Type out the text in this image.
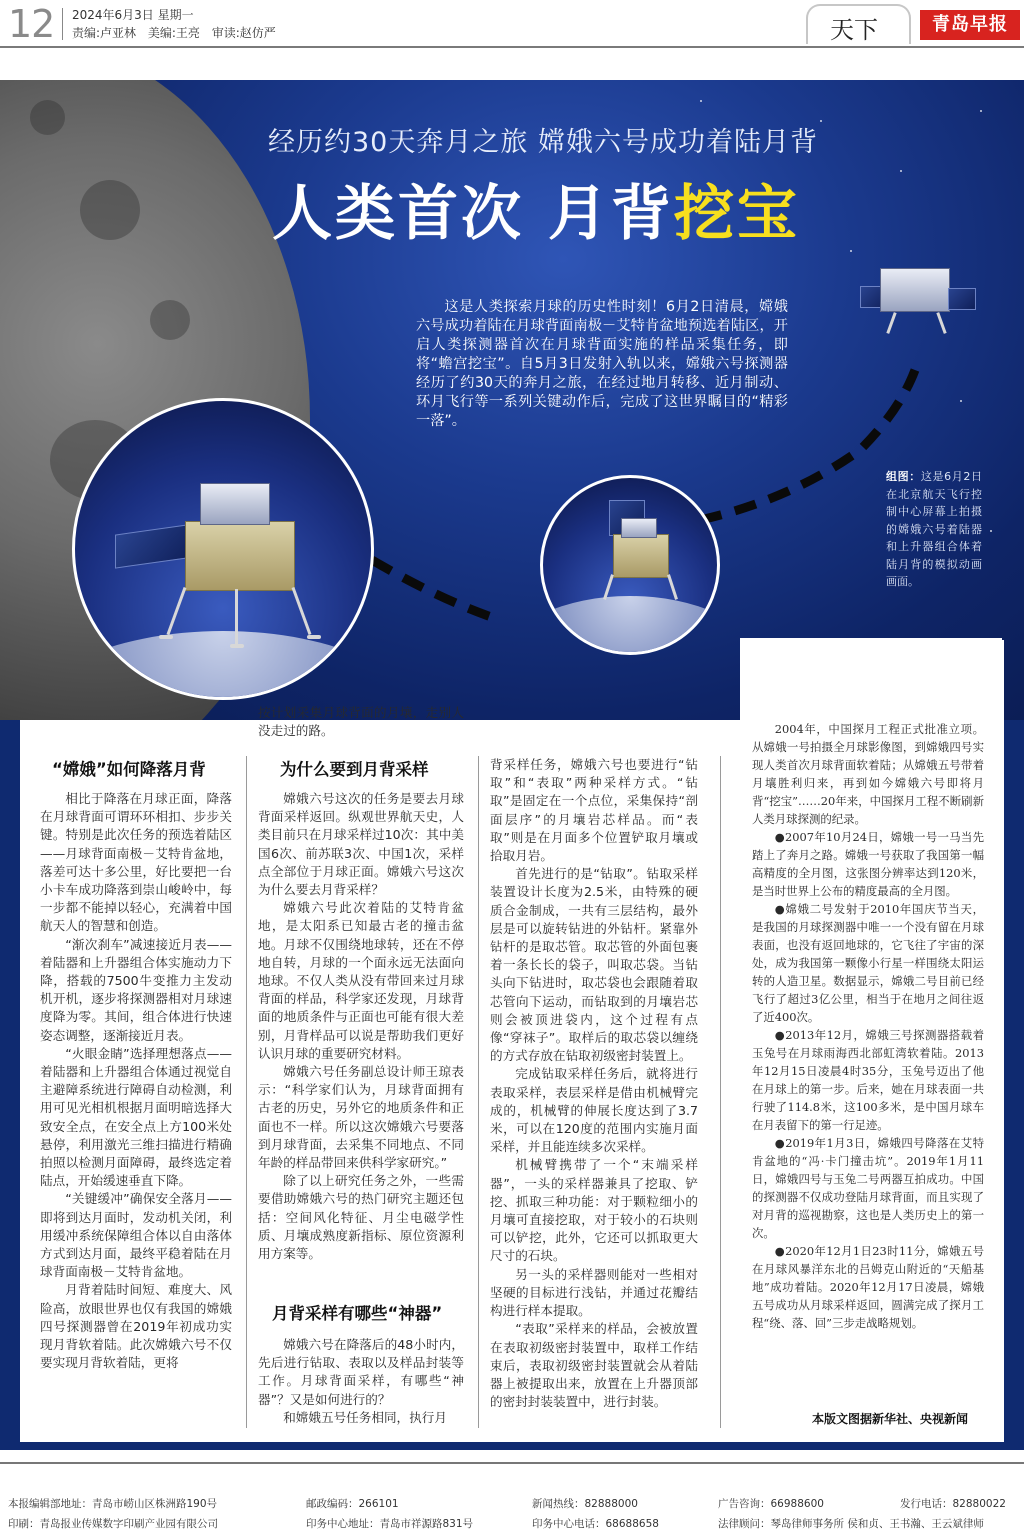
12 2024年6月3日 星期一
责编:卢亚林 美编:王亮 审读:赵仿严	天下	青岛早报
经历约30天奔月之旅 嫦娥六号成功着陆月背
人类首次 月背挖宝
这是人类探索月球的历史性时刻！6月2日清晨，嫦娥六号成功着陆在月球背面南极－艾特肯盆地预选着陆区，开启人类探测器首次在月球背面实施的样品采集任务，即将“蟾宫挖宝”。自5月3日发射入轨以来，嫦娥六号探测器经历了约30天的奔月之旅，在经过地月转移、近月制动、环月飞行等一系列关键动作后，完成了这世界瞩目的“精彩一落”。
组图：这是6月2日在北京航天飞行控制中心屏幕上拍摄的嫦娥六号着陆器和上升器组合体着陆月背的模拟动画画面。
按计划采集月球背面的月壤，走别人没走过的路。
“嫦娥”如何降落月背

相比于降落在月球正面，降落在月球背面可谓环环相扣、步步关键。特别是此次任务的预选着陆区——月球背面南极－艾特肯盆地，落差可达十多公里，好比要把一台小卡车成功降落到崇山峻岭中，每一步都不能掉以轻心，充满着中国航天人的智慧和创造。

“渐次刹车”减速接近月表——着陆器和上升器组合体实施动力下降，搭载的7500牛变推力主发动机开机，逐步将探测器相对月球速度降为零。其间，组合体进行快速姿态调整，逐渐接近月表。

“火眼金睛”选择理想落点——着陆器和上升器组合体通过视觉自主避障系统进行障碍自动检测，利用可见光相机根据月面明暗选择大致安全点，在安全点上方100米处悬停，利用激光三维扫描进行精确拍照以检测月面障碍，最终选定着陆点，开始缓速垂直下降。

“关键缓冲”确保安全落月——即将到达月面时，发动机关闭，利用缓冲系统保障组合体以自由落体方式到达月面，最终平稳着陆在月球背面南极－艾特肯盆地。

月背着陆时间短、难度大、风险高，放眼世界也仅有我国的嫦娥四号探测器曾在2019年初成功实现月背软着陆。此次嫦娥六号不仅要实现月背软着陆，更将

为什么要到月背采样

嫦娥六号这次的任务是要去月球背面采样返回。纵观世界航天史，人类目前只在月球采样过10次：其中美国6次、前苏联3次、中国1次，采样点全部位于月球正面。嫦娥六号这次为什么要去月背采样？

嫦娥六号此次着陆的艾特肯盆地，是太阳系已知最古老的撞击盆地。月球不仅围绕地球转，还在不停地自转，月球的一个面永远无法面向地球。不仅人类从没有带回来过月球背面的样品，科学家还发现，月球背面的地质条件与正面也可能有很大差别，月背样品可以说是帮助我们更好认识月球的重要研究材料。

嫦娥六号任务副总设计师王琼表示：“科学家们认为，月球背面拥有古老的历史，另外它的地质条件和正面也不一样。所以这次嫦娥六号要落到月球背面，去采集不同地点、不同年龄的样品带回来供科学家研究。”

除了以上研究任务之外，一些需要借助嫦娥六号的热门研究主题还包括：空间风化特征、月尘电磁学性质、月壤成熟度新指标、原位资源利用方案等。

月背采样有哪些“神器”

嫦娥六号在降落后的48小时内，先后进行钻取、表取以及样品封装等工作。月球背面采样，有哪些“神器”？又是如何进行的？

和嫦娥五号任务相同，执行月

背采样任务，嫦娥六号也要进行“钻取”和“表取”两种采样方式。“钻取”是固定在一个点位，采集保持“剖面层序”的月壤岩芯样品。而“表取”则是在月面多个位置铲取月壤或拾取月岩。

首先进行的是“钻取”。钻取采样装置设计长度为2.5米，由特殊的硬质合金制成，一共有三层结构，最外层是可以旋转钻进的外钻杆。紧靠外钻杆的是取芯管。取芯管的外面包裹着一条长长的袋子，叫取芯袋。当钻头向下钻进时，取芯袋也会跟随着取芯管向下运动，而钻取到的月壤岩芯则会被顶进袋内，这个过程有点像“穿袜子”。取样后的取芯袋以缠绕的方式存放在钻取初级密封装置上。

完成钻取采样任务后，就将进行表取采样，表层采样是借由机械臂完成的，机械臂的伸展长度达到了3.7米，可以在120度的范围内实施月面采样，并且能连续多次采样。

机械臂携带了一个“末端采样器”，一头的采样器兼具了挖取、铲挖、抓取三种功能：对于颗粒细小的月壤可直接挖取，对于较小的石块则可以铲挖，此外，它还可以抓取更大尺寸的石块。

另一头的采样器则能对一些相对坚硬的目标进行浅钻，并通过花瓣结构进行样本提取。

“表取”采样来的样品，会被放置在表取初级密封装置中，取样工作结束后，表取初级密封装置就会从着陆器上被提取出来，放置在上升器顶部的密封封装装置中，进行封装。

2004年，中国探月工程正式批准立项。从嫦娥一号拍摄全月球影像图，到嫦娥四号实现人类首次月球背面软着陆；从嫦娥五号带着月壤胜利归来，再到如今嫦娥六号即将月背“挖宝”……20年来，中国探月工程不断刷新人类月球探测的纪录。

●2007年10月24日，嫦娥一号一马当先踏上了奔月之路。嫦娥一号获取了我国第一幅高精度的全月图，这张图分辨率达到120米，是当时世界上公布的精度最高的全月图。

●嫦娥二号发射于2010年国庆节当天，是我国的月球探测器中唯一一个没有留在月球表面，也没有返回地球的，它飞往了宇宙的深处，成为我国第一颗像小行星一样围绕太阳运转的人造卫星。数据显示，嫦娥二号目前已经飞行了超过3亿公里，相当于在地月之间往返了近400次。

●2013年12月，嫦娥三号探测器搭载着玉兔号在月球雨海西北部虹湾软着陆。2013年12月15日凌晨4时35分，玉兔号迈出了他在月球上的第一步。后来，她在月球表面一共行驶了114.8米，这100多米，是中国月球车在月表留下的第一行足迹。

●2019年1月3日，嫦娥四号降落在艾特肯盆地的“冯·卡门撞击坑”。2019年1月11日，嫦娥四号与玉兔二号两器互拍成功。中国的探测器不仅成功登陆月球背面，而且实现了对月背的巡视勘察，这也是人类历史上的第一次。

●2020年12月1日23时11分，嫦娥五号在月球风暴洋东北的吕姆克山附近的“天船基地”成功着陆。2020年12月17日凌晨，嫦娥五号成功从月球采样返回，圆满完成了探月工程“绕、落、回”三步走战略规划。

本版文图据新华社、央视新闻
本报编辑部地址：青岛市崂山区株洲路190号	邮政编码：266101	新闻热线：82888000	广告咨询：66988600	发行电话：82880022
印刷：青岛报业传媒数字印刷产业园有限公司	印务中心地址：青岛市祥源路831号	印务中心电话：68688658	法律顾问：琴岛律师事务所 侯和贞、王书瀚、王云斌律师
